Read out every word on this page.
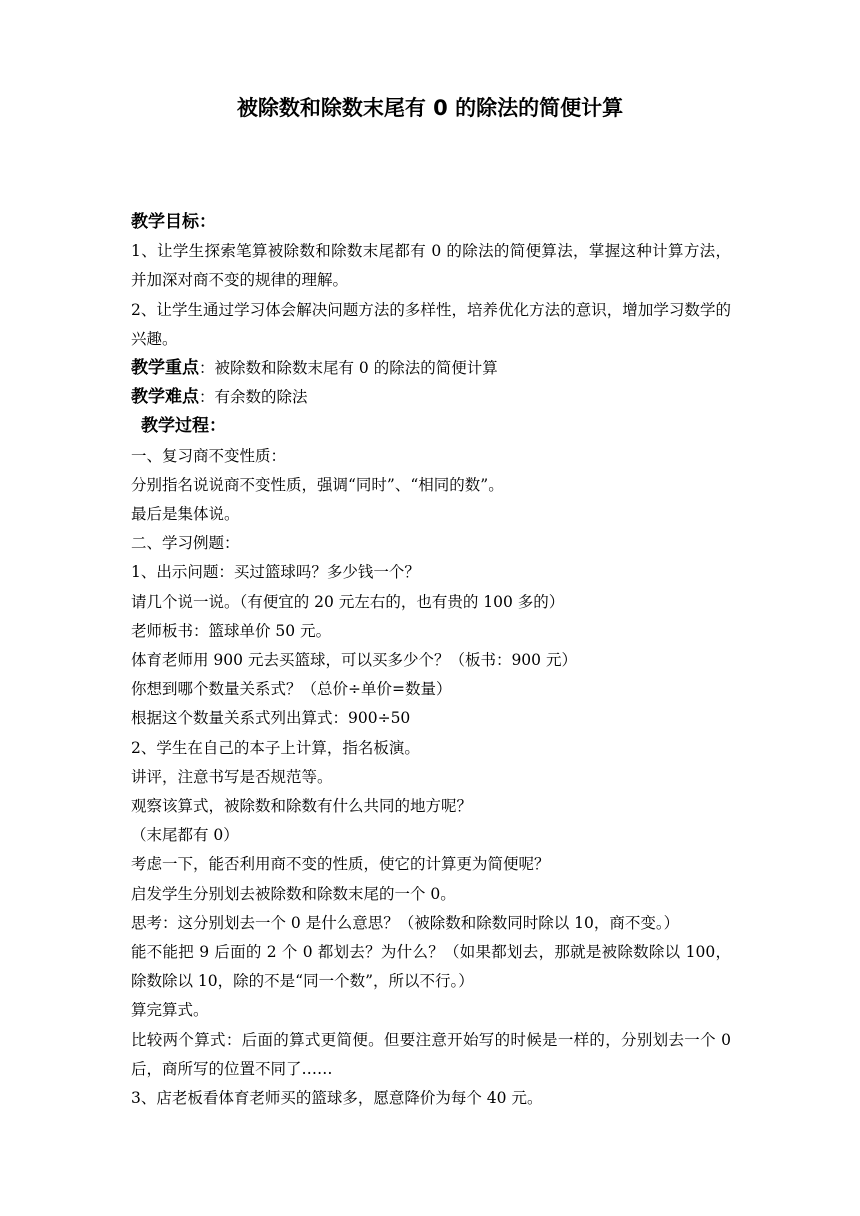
被除数和除数末尾有 0 的除法的简便计算

教学目标：

1、让学生探索笔算被除数和除数末尾都有 0 的除法的简便算法，掌握这种计算方法，并加深对商不变的规律的理解。

2、让学生通过学习体会解决问题方法的多样性，培养优化方法的意识，增加学习数学的兴趣。

教学重点：被除数和除数末尾有 0 的除法的简便计算

教学难点：有余数的除法

教学过程：

一、复习商不变性质：

分别指名说说商不变性质，强调“同时”、“相同的数”。

最后是集体说。

二、学习例题：

1、出示问题：买过篮球吗？多少钱一个？

请几个说一说。（有便宜的 20 元左右的，也有贵的 100 多的）

老师板书：篮球单价 50 元。

体育老师用 900 元去买篮球，可以买多少个？（板书：900 元）

你想到哪个数量关系式？（总价÷单价=数量）

根据这个数量关系式列出算式：900÷50

2、学生在自己的本子上计算，指名板演。

讲评，注意书写是否规范等。

观察该算式，被除数和除数有什么共同的地方呢？

（末尾都有 0）

考虑一下，能否利用商不变的性质，使它的计算更为简便呢？

启发学生分别划去被除数和除数末尾的一个 0。

思考：这分别划去一个 0 是什么意思？（被除数和除数同时除以 10，商不变。）

能不能把 9 后面的 2 个 0 都划去？为什么？（如果都划去，那就是被除数除以 100，除数除以 10，除的不是“同一个数”，所以不行。）

算完算式。

比较两个算式：后面的算式更简便。但要注意开始写的时候是一样的，分别划去一个 0 后，商所写的位置不同了……

3、店老板看体育老师买的篮球多，愿意降价为每个 40 元。
